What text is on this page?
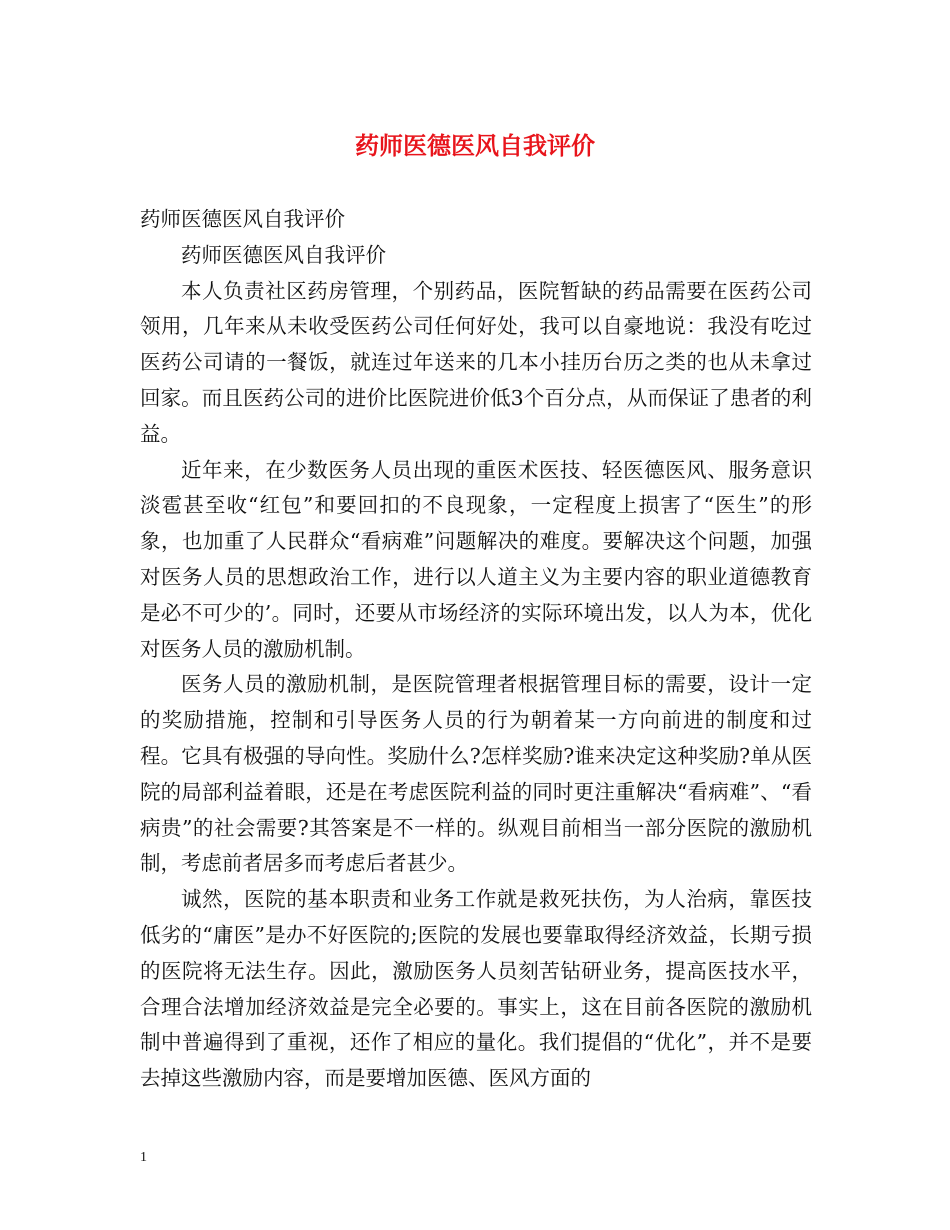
药师医德医风自我评价

药师医德医风自我评价

药师医德医风自我评价

本人负责社区药房管理，个别药品，医院暂缺的药品需要在医药公司领用，几年来从未收受医药公司任何好处，我可以自豪地说：我没有吃过医药公司请的一餐饭，就连过年送来的几本小挂历台历之类的也从未拿过回家。而且医药公司的进价比医院进价低3个百分点，从而保证了患者的利益。

近年来，在少数医务人员出现的重医术医技、轻医德医风、服务意识淡雹甚至收“红包”和要回扣的不良现象，一定程度上损害了“医生”的形象，也加重了人民群众“看病难”问题解决的难度。要解决这个问题，加强对医务人员的思想政治工作，进行以人道主义为主要内容的职业道德教育是必不可少的’。同时，还要从市场经济的实际环境出发，以人为本，优化对医务人员的激励机制。

医务人员的激励机制，是医院管理者根据管理目标的需要，设计一定的奖励措施，控制和引导医务人员的行为朝着某一方向前进的制度和过程。它具有极强的导向性。奖励什么?怎样奖励?谁来决定这种奖励?单从医院的局部利益着眼，还是在考虑医院利益的同时更注重解决“看病难”、“看病贵”的社会需要?其答案是不一样的。纵观目前相当一部分医院的激励机制，考虑前者居多而考虑后者甚少。

诚然，医院的基本职责和业务工作就是救死扶伤，为人治病，靠医技低劣的“庸医”是办不好医院的;医院的发展也要靠取得经济效益，长期亏损的医院将无法生存。因此，激励医务人员刻苦钻研业务，提高医技水平，合理合法增加经济效益是完全必要的。事实上，这在目前各医院的激励机制中普遍得到了重视，还作了相应的量化。我们提倡的“优化”，并不是要去掉这些激励内容，而是要增加医德、医风方面的

1
